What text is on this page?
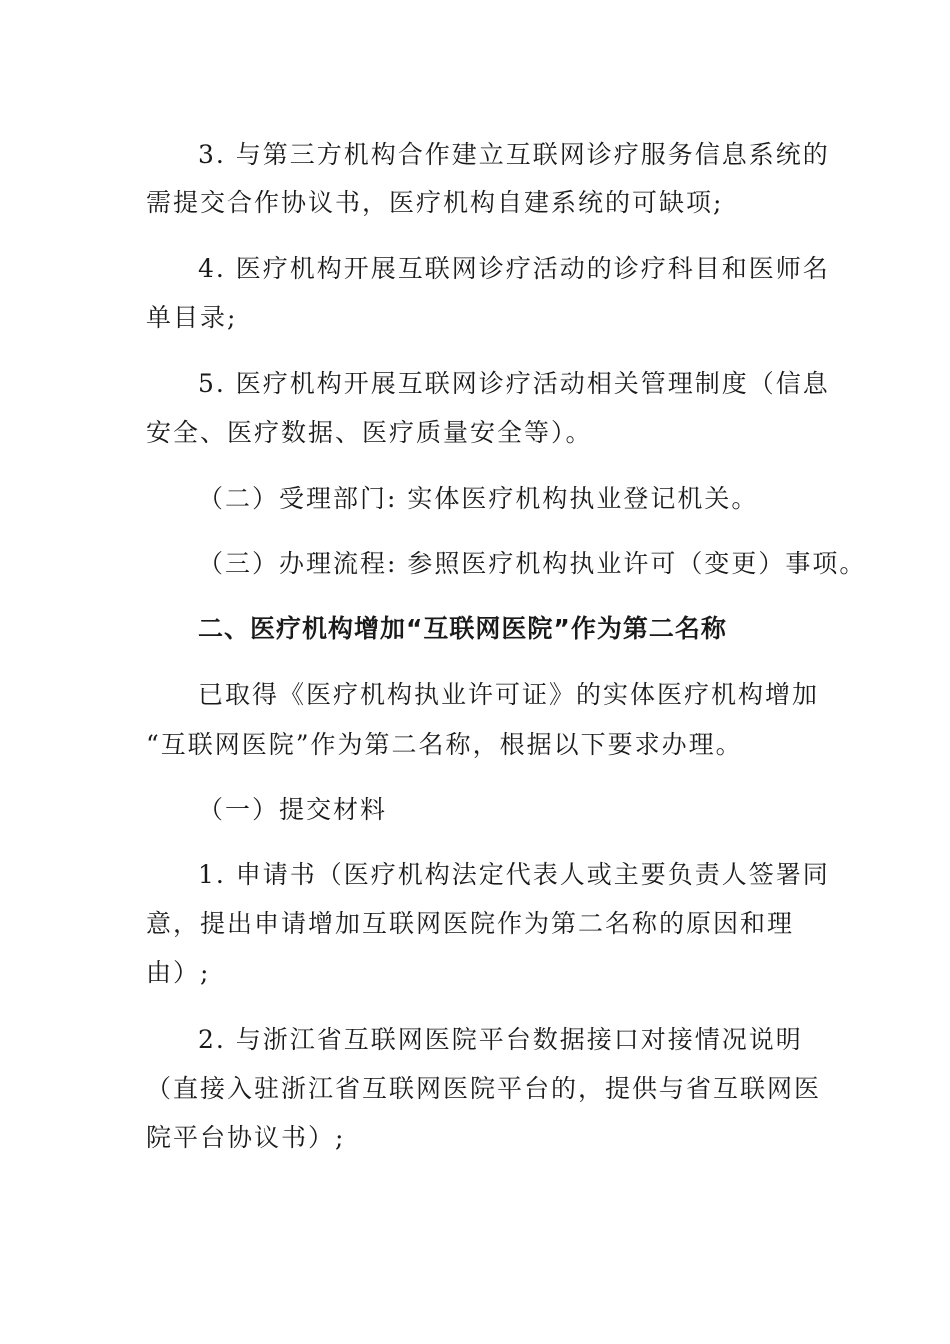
3. 与第三方机构合作建立互联网诊疗服务信息系统的
需提交合作协议书，医疗机构自建系统的可缺项;
4. 医疗机构开展互联网诊疗活动的诊疗科目和医师名
单目录;
5. 医疗机构开展互联网诊疗活动相关管理制度（信息
安全、医疗数据、医疗质量安全等）。
（二）受理部门: 实体医疗机构执业登记机关。
（三）办理流程: 参照医疗机构执业许可（变更）事项。
二、医疗机构增加“互联网医院”作为第二名称
已取得《医疗机构执业许可证》的实体医疗机构增加
“互联网医院”作为第二名称，根据以下要求办理。
（一）提交材料
1. 申请书（医疗机构法定代表人或主要负责人签署同
意，提出申请增加互联网医院作为第二名称的原因和理
由）;
2. 与浙江省互联网医院平台数据接口对接情况说明
（直接入驻浙江省互联网医院平台的，提供与省互联网医
院平台协议书）;
